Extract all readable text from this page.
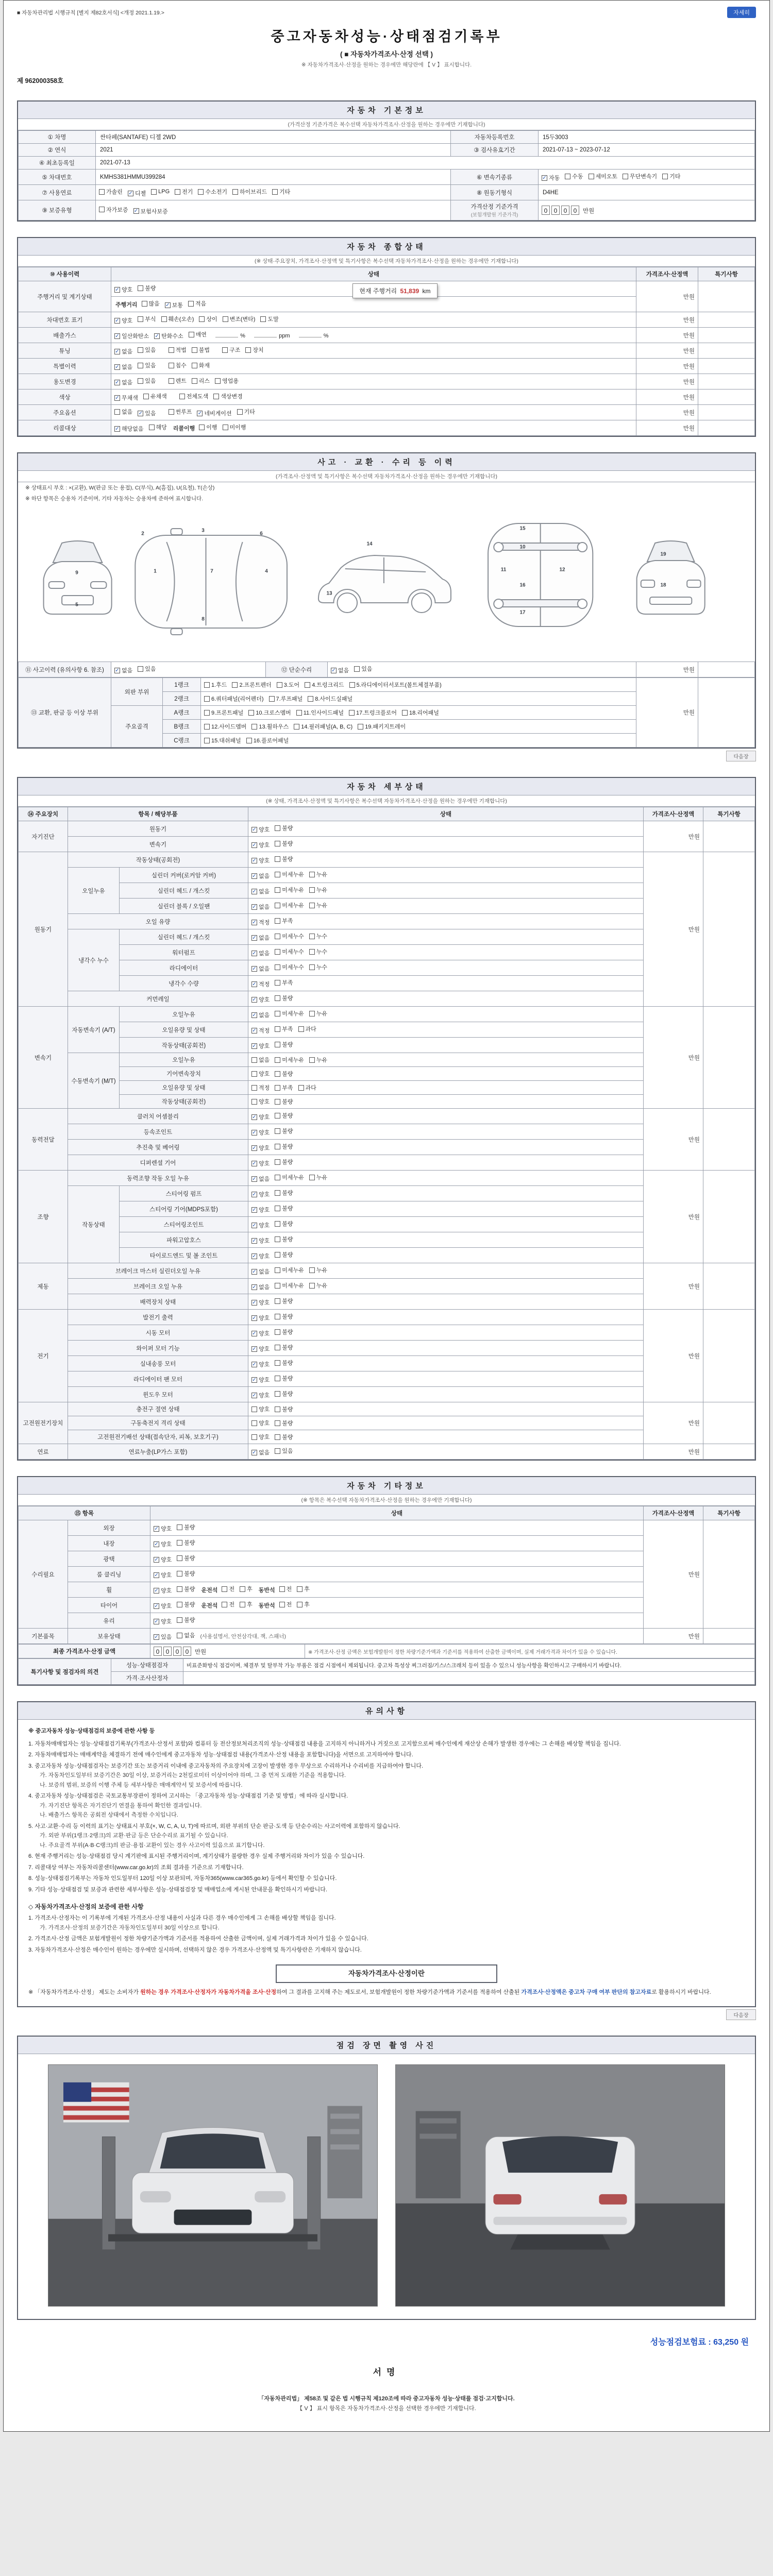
■ 자동차관리법 시행규칙 [별지 제82호서식] <개정 2021.1.19.>	자세히
중고자동차성능·상태점검기록부
( ■ 자동차가격조사·산정 선택 )
※ 자동차가격조사·산정을 원하는 경우에만 해당란에 【 V 】 표시합니다.
제 962000358호
자동차 기본정보
(가격산정 기준가격은 복수선택 자동차가격조사·산정을 원하는 경우에만 기재합니다)
① 차명	싼타페(SANTAFE) 디젤 2WD	자동차등록번호	15두3003
② 연식	2021	③ 검사유효기간	2021-07-13 ~ 2023-07-12
④ 최초등록일	2021-07-13		
⑤ 차대번호	KMHS381HMMU399284	⑥ 변속기종류	✓ 자동 수동 세미오토 무단변속기 기타

⑦ 사용연료	가솔린 ✓ 디젤 LPG 전기 수소전기 하이브리드 기타	⑧ 원동기형식	D4HE
⑨ 보증유형	자가보증 ✓ 보험사보증

가격산정 기준가격
(보험개발원 기준가격)
	0 0 0 0 만원
자동차 종합상태
(※ 상태·주요장치, 가격조사·산정액 및 특기사항은 복수선택 자동차가격조사·산정을 원하는 경우에만 기재합니다)
⑩ 사용이력	상태	가격조사·산정액	특기사항
주행거리 및 계기상태	✓ 양호 불량 현재 주행거리 51,839 km	만원	
	주행거리 많음 ✓ 보통 적음		

차대번호 표기	✓ 양호 부식 훼손(오손) 상이 변조(변타) 도말	만원	
배출가스	✓ 일산화탄소 ✓ 탄화수소 매연	%	ppm	%	만원	
튜닝	✓ 없음 있음	적법 불법	구조 장치	만원	
특별이력	✓ 없음 있음 침수 화재	만원	
용도변경	✓ 없음 있음	렌트 리스 영업용	만원	
색상	✓ 무채색 유채색 전체도색 색상변경	만원	
주요옵션	없음 ✓ 있음	썬루프 ✓ 네비게이션 기타	만원	
리콜대상	✓ 해당없음 해당 리콜이행 이행 미이행	만원	
사고 · 교환 · 수리 등 이력
(가격조사·산정액 및 특기사항은 복수선택 자동차가격조사·산정을 원하는 경우에만 기재합니다)
※ 상태표시 부호 : ×(교환), W(판금 또는 용접), C(부식), A(흠집), U(요철), T(손상)
※ 하단 항목은 승용차 기준이며, 기타 자동차는 승용차에 준하여 표시합니다.
9
5
1
2
3
6
4
7
8
13
14
15
10
11	12
16
17
19
18
⑪ 사고이력 (유의사항 6. 참조)	✓ 없음 있음	⑫ 단순수리	✓ 없음 있음	만원	
⑬ 교환, 판금 등 이상 부위	외판 부위	1랭크	1.후드 2.프론트펜더 3.도어 4.트렁크리드 5.라디에이터서포트(볼트체결부품)	만원	
		2랭크	6.쿼터패널(리어펜더) 7.루프패널 8.사이드실패널		

	주요골격	A랭크	9.프론트패널 10.크로스멤버 11.인사이드패널 17.트렁크플로어 18.리어패널		

		B랭크	12.사이드멤버 13.휠하우스 14.필러패널(A, B, C) 19.패키지트레이		

		C랭크	15.대쉬패널 16.플로어패널		
다음장
자동차 세부상태
(※ 상태, 가격조사·산정액 및 특기사항은 복수선택 자동차가격조사·산정을 원하는 경우에만 기재합니다)
⑭ 주요장치	항목 / 해당부품		상태	가격조사·산정액	특기사항
자기진단	원동기		✓ 양호 불량	만원	
	변속기		✓ 양호 불량		

원동기	작동상태(공회전)		✓ 양호 불량	만원	
	오일누유	실린더 커버(로커암 커버)	✓ 없음 미세누유 누유		

		실린더 헤드 / 개스킷	✓ 없음 미세누유 누유		

		실린더 블록 / 오일팬	✓ 없음 미세누유 누유		

	오일 유량		✓ 적정 부족		

	냉각수 누수	실린더 헤드 / 개스킷	✓ 없음 미세누수 누수		

		워터펌프	✓ 없음 미세누수 누수		

		라디에이터	✓ 없음 미세누수 누수		

		냉각수 수량	✓ 적정 부족		

	커먼레일		✓ 양호 불량		

변속기	자동변속기 (A/T)	오일누유	✓ 없음 미세누유 누유	만원	
		오일유량 및 상태	✓ 적정 부족 과다		

		작동상태(공회전)	✓ 양호 불량		

	수동변속기 (M/T)	오일누유	없음 미세누유 누유		

		기어변속장치	양호 불량		

		오일유량 및 상태	적정 부족 과다		

		작동상태(공회전)	양호 불량		

동력전달	클러치 어셈블리		✓ 양호 불량	만원	
	등속조인트		✓ 양호 불량		

	추진축 및 베어링		✓ 양호 불량		

	디퍼렌셜 기어		✓ 양호 불량		

조향	동력조향 작동 오일 누유		✓ 없음 미세누유 누유	만원	
	작동상태	스티어링 펌프	✓ 양호 불량		

		스티어링 기어(MDPS포함)	✓ 양호 불량		

		스티어링조인트	✓ 양호 불량		

		파워고압호스	✓ 양호 불량		

		타이로드엔드 및 볼 조인트	✓ 양호 불량		

제동	브레이크 마스터 실린더오일 누유		✓ 없음 미세누유 누유	만원	
	브레이크 오일 누유		✓ 없음 미세누유 누유		

	배력장치 상태		✓ 양호 불량		

전기	발전기 출력		✓ 양호 불량	만원	
	시동 모터		✓ 양호 불량		

	와이퍼 모터 기능		✓ 양호 불량		

	실내송풍 모터		✓ 양호 불량		

	라디에이터 팬 모터		✓ 양호 불량		

	윈도우 모터		✓ 양호 불량		

고전원전기장치	충전구 절연 상태		양호 불량	만원	
	구동축전지 격리 상태		양호 불량		

	고전원전기배선 상태(접속단자, 피복, 보호기구)		양호 불량		

연료	연료누출(LP가스 포함)		✓ 없음 있음	만원	
자동차 기타정보
(※ 항목은 복수선택 자동차가격조사·산정을 원하는 경우에만 기재합니다)
⑮ 항목		상태	가격조사·산정액	특기사항
수리필요	외장	✓ 양호 불량	만원	
	내장	✓ 양호 불량		

	광택	✓ 양호 불량		

	룸 클리닝	✓ 양호 불량		

휠	✓ 양호 불량 운전석 전 후 동반석 전 후

타이어	✓ 양호 불량 운전석 전 후 동반석 전 후

	유리	✓ 양호 불량		

기본품목	보유상태	✓ 있음 없음 (사용설명서, 안전삼각대, 잭, 스패너)	만원	
최종 가격조사·산정 금액	0 0 0 0 만원	※ 가격조사·산정 금액은 보험개발원이 정한 차량기준가액과 기준서를 적용하여 산출한 금액이며, 실제 거래가격과 차이가 있을 수 있습니다.
특기사항 및 점검자의 의견	성능·상태점검자	비표준화방식 점검이며, 체결부 및 탈부착 가능 부품은 점검 시점에서 제외됩니다. 중고차 특성상 찌그러짐/기스/스크래치 등이 있을 수 있으니 성능사항을 확인하시고 구매하시기 바랍니다.
	가격·조사산정자	
유의사항
※ 중고자동차 성능·상태점검의 보증에 관한 사항 등
1. 자동차매매업자는 성능·상태점검기록부(가격조사·산정서 포함)와 컴퓨터 등 전산정보처리조직의 성능·상태점검 내용을 고지하지 아니하거나 거짓으로 고지함으로써 매수인에게 재산상 손해가 발생한 경우에는 그 손해를 배상할 책임을 집니다.
2. 자동차매매업자는 매매계약을 체결하기 전에 매수인에게 중고자동차 성능·상태점검 내용(가격조사·산정 내용을 포함합니다)을 서면으로 고지하여야 합니다.
3. 중고자동차 성능·상태점검자는 보증기간 또는 보증거리 이내에 중고자동차의 주요장치에 고장이 발생한 경우 무상으로 수리하거나 수리비를 지급하여야 합니다.
가. 자동차인도일부터 보증기간은 30일 이상, 보증거리는 2천킬로미터 이상이어야 하며, 그 중 먼저 도래한 기준을 적용합니다.
나. 보증의 범위, 보증의 이행 주체 등 세부사항은 매매계약서 및 보증서에 따릅니다.
4. 중고자동차 성능·상태점검은 국토교통부장관이 정하여 고시하는 「중고자동차 성능·상태점검 기준 및 방법」에 따라 실시합니다.
가. 자기진단 항목은 자기진단기 연결을 통하여 확인한 결과입니다.
나. 배출가스 항목은 공회전 상태에서 측정한 수치입니다.
5. 사고·교환·수리 등 이력의 표기는 상태표시 부호(×, W, C, A, U, T)에 따르며, 외판 부위의 단순 판금·도색 등 단순수리는 사고이력에 포함하지 않습니다.
가. 외판 부위(1랭크·2랭크)의 교환·판금 등은 단순수리로 표기될 수 있습니다.
나. 주요골격 부위(A·B·C랭크)의 판금·용접·교환이 있는 경우 사고이력 있음으로 표기합니다.
6. 현재 주행거리는 성능·상태점검 당시 계기판에 표시된 주행거리이며, 계기상태가 불량한 경우 실제 주행거리와 차이가 있을 수 있습니다.
7. 리콜대상 여부는 자동차리콜센터(www.car.go.kr)의 조회 결과를 기준으로 기재합니다.
8. 성능·상태점검기록부는 자동차 인도일부터 120일 이상 보관되며, 자동차365(www.car365.go.kr) 등에서 확인할 수 있습니다.
9. 기타 성능·상태점검 및 보증과 관련한 세부사항은 성능·상태점검장 및 매매업소에 게시된 안내문을 확인하시기 바랍니다.
◇ 자동차가격조사·산정의 보증에 관한 사항
1. 가격조사·산정자는 이 기록부에 기재된 가격조사·산정 내용이 사실과 다른 경우 매수인에게 그 손해를 배상할 책임을 집니다.
가. 가격조사·산정의 보증기간은 자동차인도일부터 30일 이상으로 합니다.
2. 가격조사·산정 금액은 보험개발원이 정한 차량기준가액과 기준서를 적용하여 산출한 금액이며, 실제 거래가격과 차이가 있을 수 있습니다.
3. 자동차가격조사·산정은 매수인이 원하는 경우에만 실시하며, 선택하지 않은 경우 가격조사·산정액 및 특기사항란은 기재하지 않습니다.
자동차가격조사·산정이란
※ 「자동차가격조사·산정」 제도는 소비자가 원하는 경우 가격조사·산정자가 자동차가격을 조사·산정하여 그 결과를 고지해 주는 제도로서, 보험개발원이 정한 차량기준가액과 기준서를 적용하여 산출된 가격조사·산정액은 중고차 구매 여부 판단의 참고자료로 활용하시기 바랍니다.
다음장
점검 장면 촬영 사진
성능점검보험료 : 63,250 원
서명
「자동차관리법」 제58조 및 같은 법 시행규칙 제120조에 따라 중고자동차 성능·상태를 점검·고지합니다.
【 V 】 표시 항목은 자동차가격조사·산정을 선택한 경우에만 기재합니다.
